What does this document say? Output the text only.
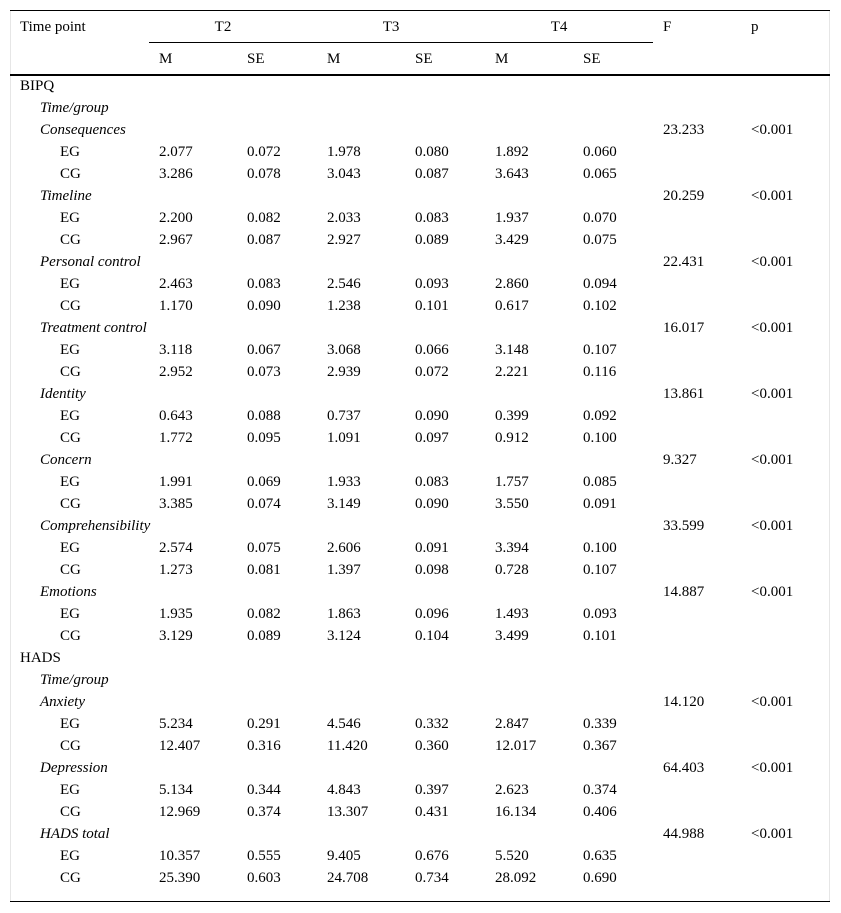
Time point	T2		T3		T4		F	p
	M	SE	M	SE	M	SE		
BIPQ								
Time/group								
Consequences							23.233	<0.001
EG	2.077	0.072	1.978	0.080	1.892	0.060		
CG	3.286	0.078	3.043	0.087	3.643	0.065		
Timeline							20.259	<0.001
EG	2.200	0.082	2.033	0.083	1.937	0.070		
CG	2.967	0.087	2.927	0.089	3.429	0.075		
Personal control							22.431	<0.001
EG	2.463	0.083	2.546	0.093	2.860	0.094		
CG	1.170	0.090	1.238	0.101	0.617	0.102		
Treatment control							16.017	<0.001
EG	3.118	0.067	3.068	0.066	3.148	0.107		
CG	2.952	0.073	2.939	0.072	2.221	0.116		
Identity							13.861	<0.001
EG	0.643	0.088	0.737	0.090	0.399	0.092		
CG	1.772	0.095	1.091	0.097	0.912	0.100		
Concern							9.327	<0.001
EG	1.991	0.069	1.933	0.083	1.757	0.085		
CG	3.385	0.074	3.149	0.090	3.550	0.091		
Comprehensibility							33.599	<0.001
EG	2.574	0.075	2.606	0.091	3.394	0.100		
CG	1.273	0.081	1.397	0.098	0.728	0.107		
Emotions							14.887	<0.001
EG	1.935	0.082	1.863	0.096	1.493	0.093		
CG	3.129	0.089	3.124	0.104	3.499	0.101		
HADS								
Time/group								
Anxiety							14.120	<0.001
EG	5.234	0.291	4.546	0.332	2.847	0.339		
CG	12.407	0.316	11.420	0.360	12.017	0.367		
Depression							64.403	<0.001
EG	5.134	0.344	4.843	0.397	2.623	0.374		
CG	12.969	0.374	13.307	0.431	16.134	0.406		
HADS total							44.988	<0.001
EG	10.357	0.555	9.405	0.676	5.520	0.635		
CG	25.390	0.603	24.708	0.734	28.092	0.690		
